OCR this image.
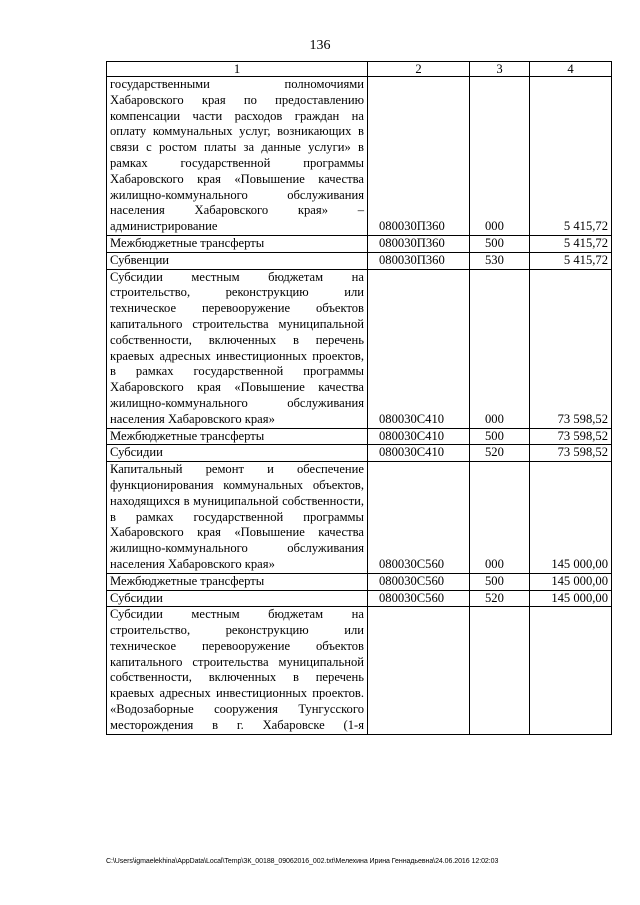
136
1	2	3	4
государственными полномочиями Хабаровского края по предоставлению компенсации части расходов граждан на оплату коммунальных услуг, возникающих в связи с ростом платы за данные услуги» в рамках государственной программы Хабаровского края «Повышение качества жилищно-коммунального обслуживания населения Хабаровского края» – администрирование	080030П360	000	5 415,72
Межбюджетные трансферты	080030П360	500	5 415,72
Субвенции	080030П360	530	5 415,72
Субсидии местным бюджетам на строительство, реконструкцию или техническое перевооружение объектов капитального строительства муниципальной собственности, включенных в перечень краевых адресных инвестиционных проектов, в рамках государственной программы Хабаровского края «Повышение качества жилищно-коммунального обслуживания населения Хабаровского края»	080030С410	000	73 598,52
Межбюджетные трансферты	080030С410	500	73 598,52
Субсидии	080030С410	520	73 598,52
Капитальный ремонт и обеспечение функционирования коммунальных объектов, находящихся в муниципальной собственности, в рамках государственной программы Хабаровского края «Повышение качества жилищно-коммунального обслуживания населения Хабаровского края»	080030С560	000	145 000,00
Межбюджетные трансферты	080030С560	500	145 000,00
Субсидии	080030С560	520	145 000,00
Субсидии местным бюджетам на строительство, реконструкцию или техническое перевооружение объектов капитального строительства муниципальной собственности, включенных в перечень краевых адресных инвестиционных проектов. «Водозаборные сооружения Тунгусского месторождения в г. Хабаровске (1-я			
C:\Users\igmaelekhina\AppData\Local\Temp\ЗК_00188_09062016_002.txt\Мелехина Ирина Геннадьевна\24.06.2016 12:02:03
